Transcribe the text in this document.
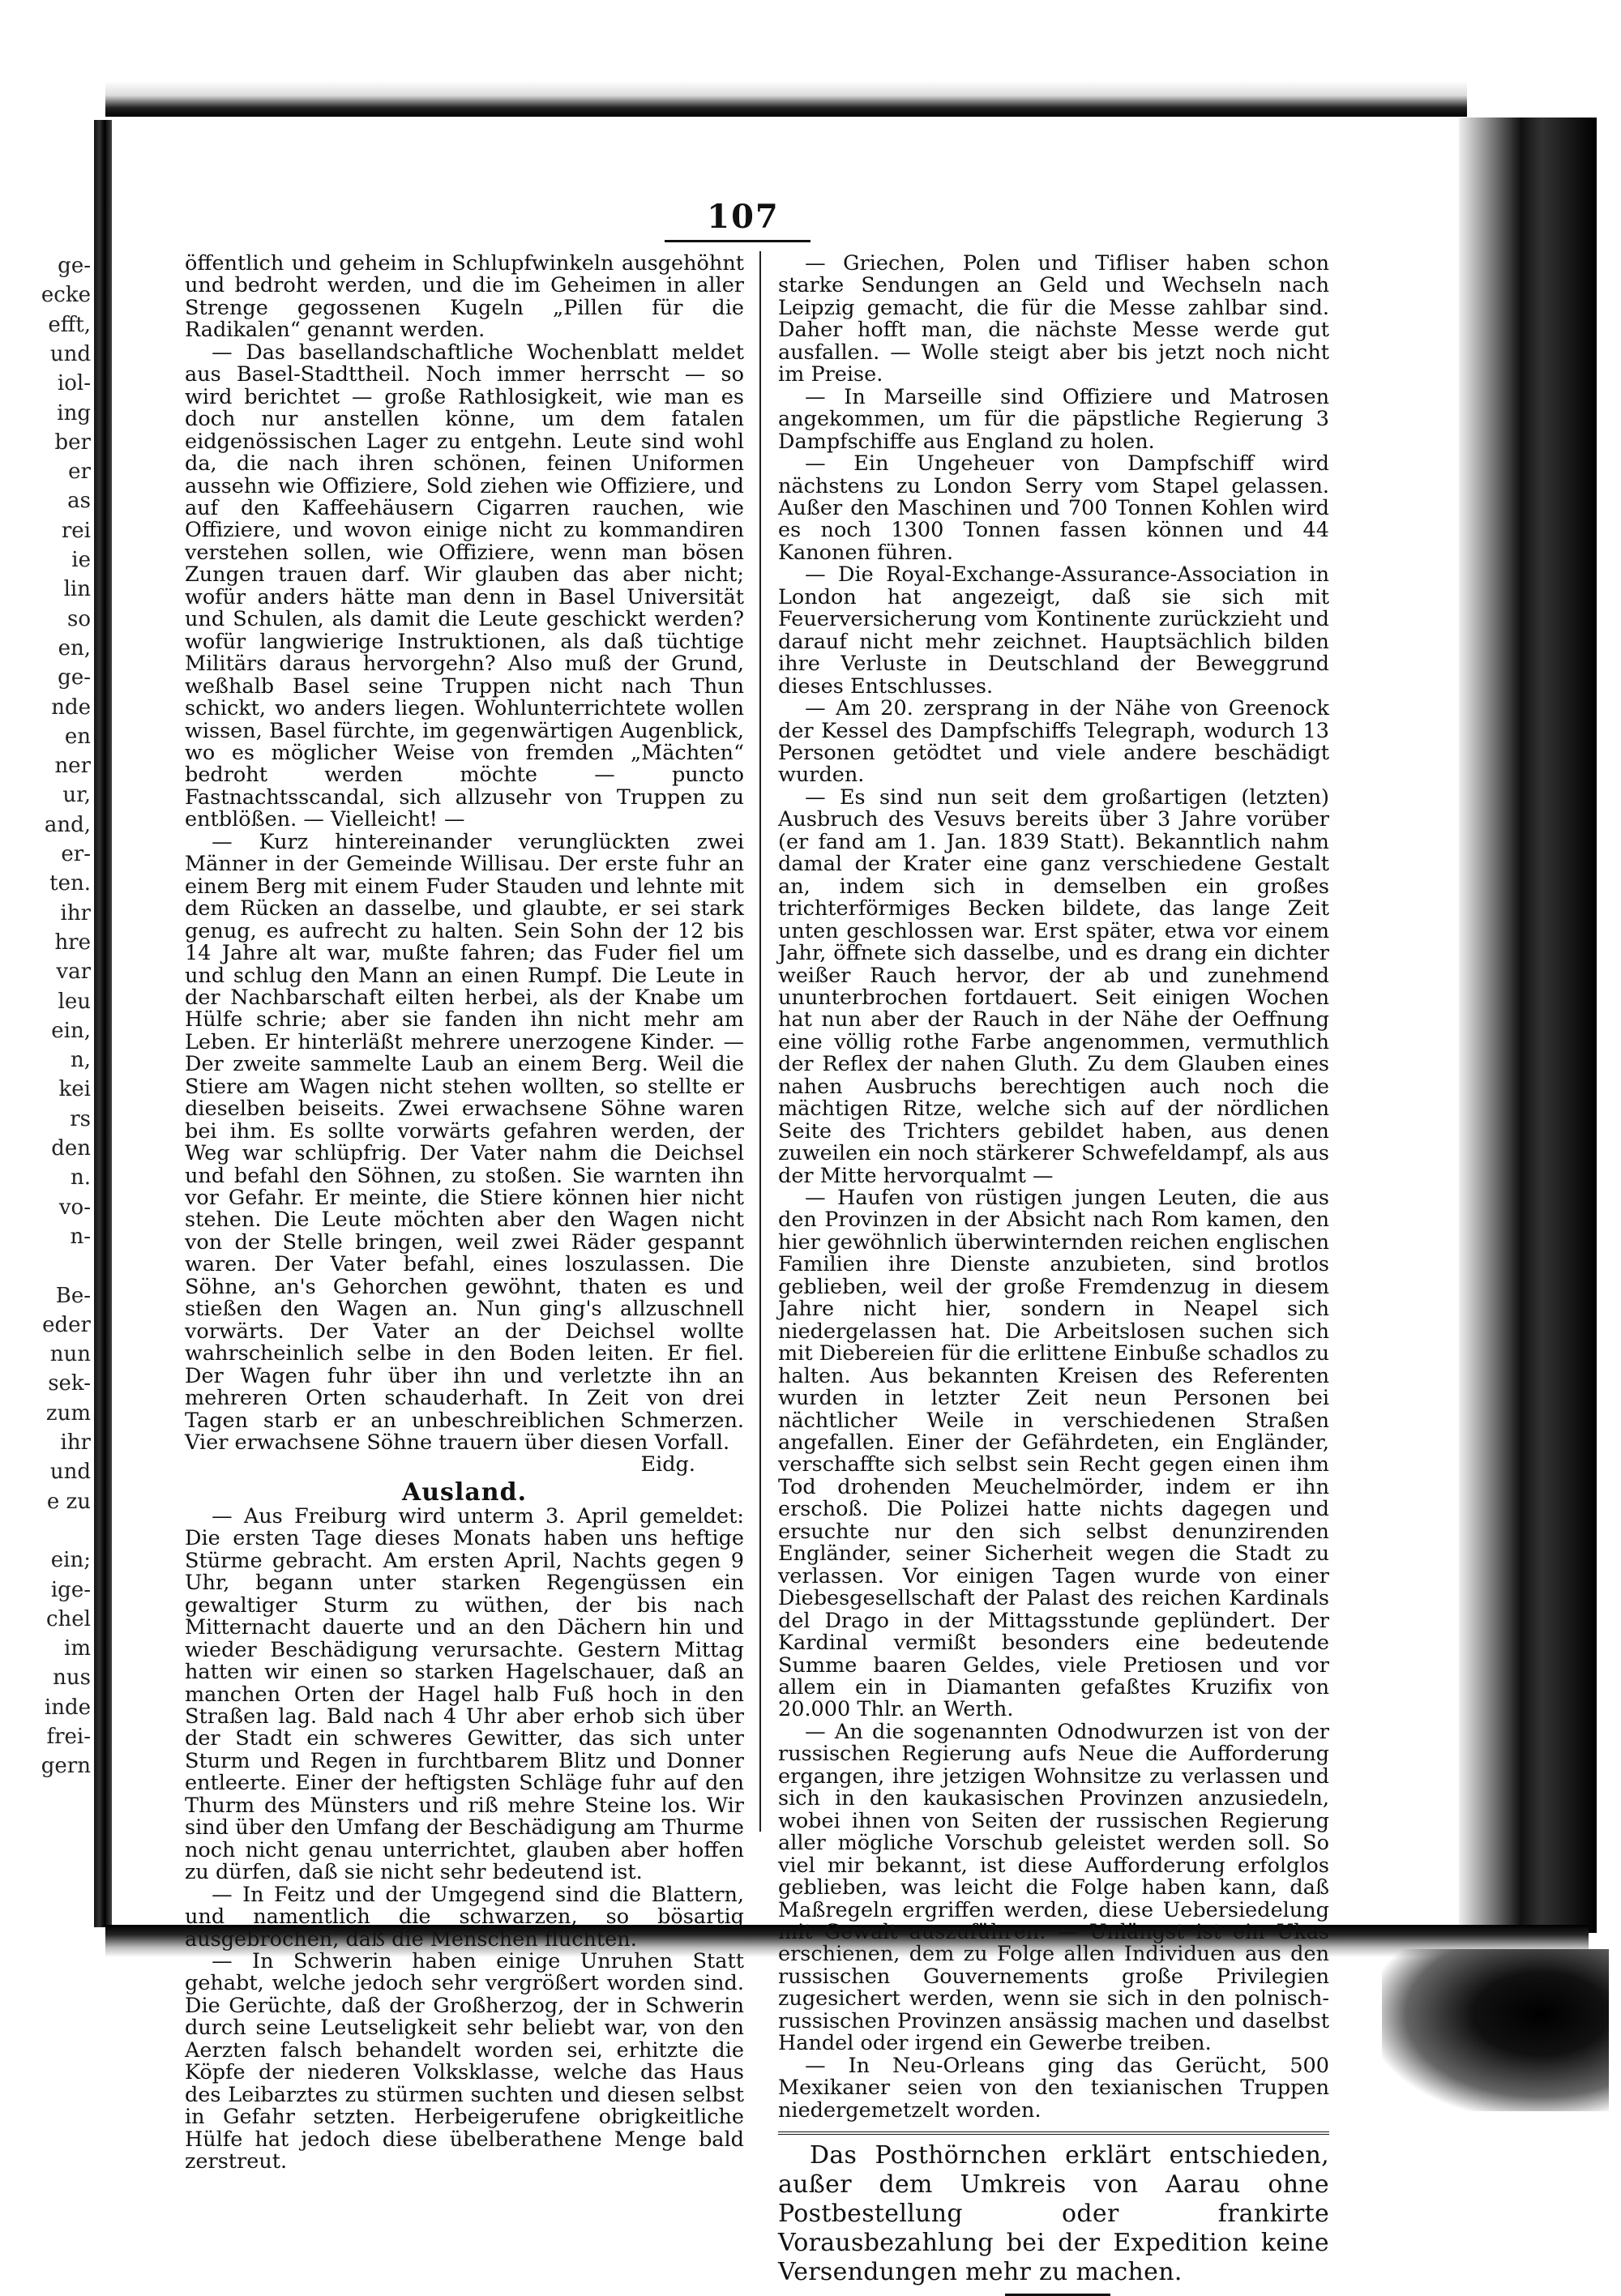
ge-
ecke
efft,
und
iol-
ing
ber
er
as
rei
ie
lin
so
en,
ge-
nde
en
ner
ur,
and,
er-
ten.
ihr
hre
var
leu
ein,
n,
kei
rs
den
n.
vo-
n-
Be-
eder
nun
sek-
zum
ihr
und
e zu
ein;
ige-
chel
im
nus
inde
frei-
gern
107

öffentlich und geheim in Schlupfwinkeln ausgehöhnt und bedroht werden, und die im Geheimen in aller Strenge gegossenen Kugeln „Pillen für die Radikalen“ genannt werden.

— Das basellandschaftliche Wochenblatt meldet aus Basel-Stadttheil. Noch immer herrscht — so wird berichtet — große Rathlosigkeit, wie man es doch nur anstellen könne, um dem fatalen eidgenössischen Lager zu entgehn. Leute sind wohl da, die nach ihren schönen, feinen Uniformen aussehn wie Offiziere, Sold ziehen wie Offiziere, und auf den Kaffeehäusern Cigarren rauchen, wie Offiziere, und wovon einige nicht zu kommandiren verstehen sollen, wie Offiziere, wenn man bösen Zungen trauen darf. Wir glauben das aber nicht; wofür anders hätte man denn in Basel Universität und Schulen, als damit die Leute geschickt werden? wofür langwierige Instruktionen, als daß tüchtige Militärs daraus hervorgehn? Also muß der Grund, weßhalb Basel seine Truppen nicht nach Thun schickt, wo anders liegen. Wohlunterrichtete wollen wissen, Basel fürchte, im gegenwärtigen Augenblick, wo es möglicher Weise von fremden „Mächten“ bedroht werden möchte — puncto Fastnachtsscandal, sich allzusehr von Truppen zu entblößen. — Vielleicht! —

— Kurz hintereinander verunglückten zwei Männer in der Gemeinde Willisau. Der erste fuhr an einem Berg mit einem Fuder Stauden und lehnte mit dem Rücken an dasselbe, und glaubte, er sei stark genug, es aufrecht zu halten. Sein Sohn der 12 bis 14 Jahre alt war, mußte fahren; das Fuder fiel um und schlug den Mann an einen Rumpf. Die Leute in der Nachbarschaft eilten herbei, als der Knabe um Hülfe schrie; aber sie fanden ihn nicht mehr am Leben. Er hinterläßt mehrere unerzogene Kinder. — Der zweite sammelte Laub an einem Berg. Weil die Stiere am Wagen nicht stehen wollten, so stellte er dieselben beiseits. Zwei erwachsene Söhne waren bei ihm. Es sollte vorwärts gefahren werden, der Weg war schlüpfrig. Der Vater nahm die Deichsel und befahl den Söhnen, zu stoßen. Sie warnten ihn vor Gefahr. Er meinte, die Stiere können hier nicht stehen. Die Leute möchten aber den Wagen nicht von der Stelle bringen, weil zwei Räder gespannt waren. Der Vater befahl, eines loszulassen. Die Söhne, an's Gehorchen gewöhnt, thaten es und stießen den Wagen an. Nun ging's allzuschnell vorwärts. Der Vater an der Deichsel wollte wahrscheinlich selbe in den Boden leiten. Er fiel. Der Wagen fuhr über ihn und verletzte ihn an mehreren Orten schauderhaft. In Zeit von drei Tagen starb er an unbeschreiblichen Schmerzen. Vier erwachsene Söhne trauern über diesen Vorfall.

Eidg.
Ausland.

— Aus Freiburg wird unterm 3. April gemeldet: Die ersten Tage dieses Monats haben uns heftige Stürme gebracht. Am ersten April, Nachts gegen 9 Uhr, begann unter starken Regengüssen ein gewaltiger Sturm zu wüthen, der bis nach Mitternacht dauerte und an den Dächern hin und wieder Beschädigung verursachte. Gestern Mittag hatten wir einen so starken Hagelschauer, daß an manchen Orten der Hagel halb Fuß hoch in den Straßen lag. Bald nach 4 Uhr aber erhob sich über der Stadt ein schweres Gewitter, das sich unter Sturm und Regen in furchtbarem Blitz und Donner entleerte. Einer der heftigsten Schläge fuhr auf den Thurm des Münsters und riß mehre Steine los. Wir sind über den Umfang der Beschädigung am Thurme noch nicht genau unterrichtet, glauben aber hoffen zu dürfen, daß sie nicht sehr bedeutend ist.

— In Feitz und der Umgegend sind die Blattern, und namentlich die schwarzen, so bösartig ausgebrochen, daß die Menschen flüchten.

— In Schwerin haben einige Unruhen Statt gehabt, welche jedoch sehr vergrößert worden sind. Die Gerüchte, daß der Großherzog, der in Schwerin durch seine Leutseligkeit sehr beliebt war, von den Aerzten falsch behandelt worden sei, erhitzte die Köpfe der niederen Volksklasse, welche das Haus des Leibarztes zu stürmen suchten und diesen selbst in Gefahr setzten. Herbeigerufene obrigkeitliche Hülfe hat jedoch diese übelberathene Menge bald zerstreut.

— Griechen, Polen und Tifliser haben schon starke Sendungen an Geld und Wechseln nach Leipzig gemacht, die für die Messe zahlbar sind. Daher hofft man, die nächste Messe werde gut ausfallen. — Wolle steigt aber bis jetzt noch nicht im Preise.

— In Marseille sind Offiziere und Matrosen angekommen, um für die päpstliche Regierung 3 Dampfschiffe aus England zu holen.

— Ein Ungeheuer von Dampfschiff wird nächstens zu London Serry vom Stapel gelassen. Außer den Maschinen und 700 Tonnen Kohlen wird es noch 1300 Tonnen fassen können und 44 Kanonen führen.

— Die Royal-Exchange-Assurance-Association in London hat angezeigt, daß sie sich mit Feuerversicherung vom Kontinente zurückzieht und darauf nicht mehr zeichnet. Hauptsächlich bilden ihre Verluste in Deutschland der Beweggrund dieses Entschlusses.

— Am 20. zersprang in der Nähe von Greenock der Kessel des Dampfschiffs Telegraph, wodurch 13 Personen getödtet und viele andere beschädigt wurden.

— Es sind nun seit dem großartigen (letzten) Ausbruch des Vesuvs bereits über 3 Jahre vorüber (er fand am 1. Jan. 1839 Statt). Bekanntlich nahm damal der Krater eine ganz verschiedene Gestalt an, indem sich in demselben ein großes trichterförmiges Becken bildete, das lange Zeit unten geschlossen war. Erst später, etwa vor einem Jahr, öffnete sich dasselbe, und es drang ein dichter weißer Rauch hervor, der ab und zunehmend ununterbrochen fortdauert. Seit einigen Wochen hat nun aber der Rauch in der Nähe der Oeffnung eine völlig rothe Farbe angenommen, vermuthlich der Reflex der nahen Gluth. Zu dem Glauben eines nahen Ausbruchs berechtigen auch noch die mächtigen Ritze, welche sich auf der nördlichen Seite des Trichters gebildet haben, aus denen zuweilen ein noch stärkerer Schwefeldampf, als aus der Mitte hervorqualmt —

— Haufen von rüstigen jungen Leuten, die aus den Provinzen in der Absicht nach Rom kamen, den hier gewöhnlich überwinternden reichen englischen Familien ihre Dienste anzubieten, sind brotlos geblieben, weil der große Fremdenzug in diesem Jahre nicht hier, sondern in Neapel sich niedergelassen hat. Die Arbeitslosen suchen sich mit Diebereien für die erlittene Einbuße schadlos zu halten. Aus bekannten Kreisen des Referenten wurden in letzter Zeit neun Personen bei nächtlicher Weile in verschiedenen Straßen angefallen. Einer der Gefährdeten, ein Engländer, verschaffte sich selbst sein Recht gegen einen ihm Tod drohenden Meuchelmörder, indem er ihn erschoß. Die Polizei hatte nichts dagegen und ersuchte nur den sich selbst denunzirenden Engländer, seiner Sicherheit wegen die Stadt zu verlassen. Vor einigen Tagen wurde von einer Diebesgesellschaft der Palast des reichen Kardinals del Drago in der Mittagsstunde geplündert. Der Kardinal vermißt besonders eine bedeutende Summe baaren Geldes, viele Pretiosen und vor allem ein in Diamanten gefaßtes Kruzifix von 20.000 Thlr. an Werth.

— An die sogenannten Odnodwurzen ist von der russischen Regierung aufs Neue die Aufforderung ergangen, ihre jetzigen Wohnsitze zu verlassen und sich in den kaukasischen Provinzen anzusiedeln, wobei ihnen von Seiten der russischen Regierung aller mögliche Vorschub geleistet werden soll. So viel mir bekannt, ist diese Aufforderung erfolglos geblieben, was leicht die Folge haben kann, daß Maßregeln ergriffen werden, diese Uebersiedelung mit Gewalt auszuführen. — Unlängst ist ein Ukas erschienen, dem zu Folge allen Individuen aus den russischen Gouvernements große Privilegien zugesichert werden, wenn sie sich in den polnisch-russischen Provinzen ansässig machen und daselbst Handel oder irgend ein Gewerbe treiben.

— In Neu-Orleans ging das Gerücht, 500 Mexikaner seien von den texianischen Truppen niedergemetzelt worden.

Das Posthörnchen erklärt entschieden, außer dem Umkreis von Aarau ohne Postbestellung oder frankirte Vorausbezahlung bei der Expedition keine Versendungen mehr zu machen.
